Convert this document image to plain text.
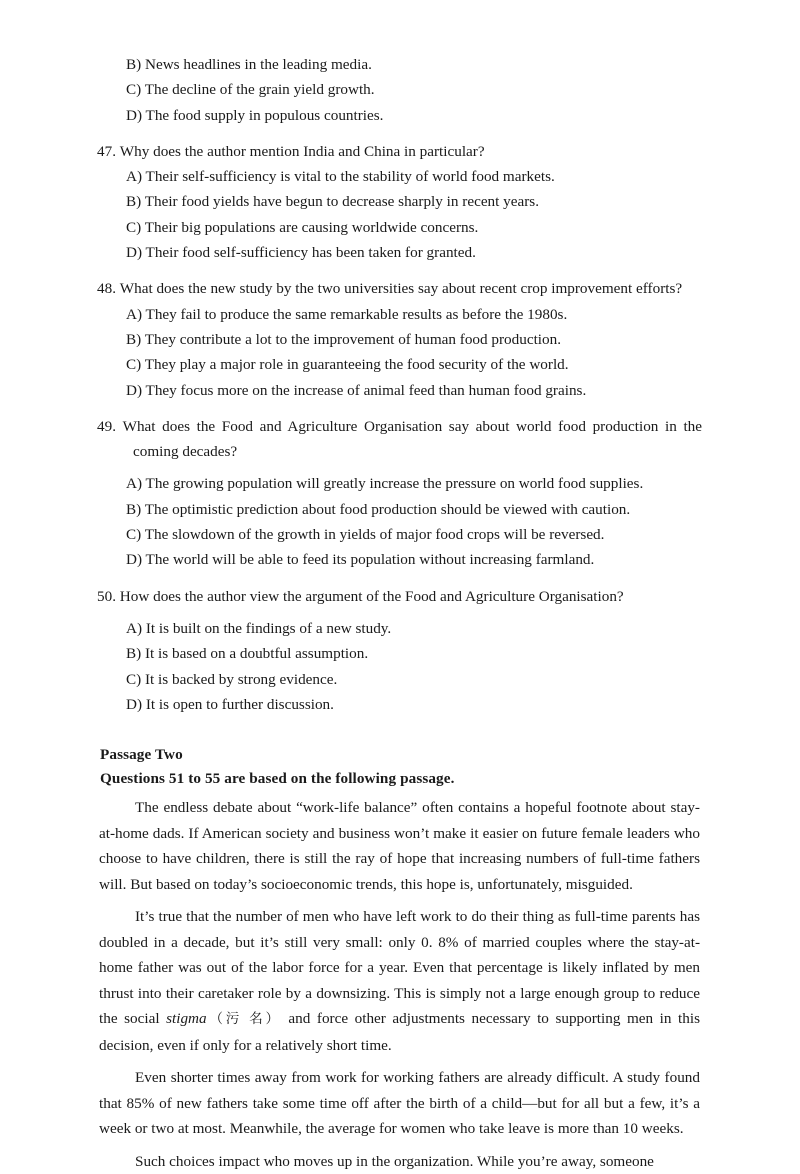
B) News headlines in the leading media.

C) The decline of the grain yield growth.

D) The food supply in populous countries.

47. Why does the author mention India and China in particular?

A) Their self-sufficiency is vital to the stability of world food markets.

B) Their food yields have begun to decrease sharply in recent years.

C) Their big populations are causing worldwide concerns.

D) Their food self-sufficiency has been taken for granted.

48. What does the new study by the two universities say about recent crop improvement efforts?

A) They fail to produce the same remarkable results as before the 1980s.

B) They contribute a lot to the improvement of human food production.

C) They play a major role in guaranteeing the food security of the world.

D) They focus more on the increase of animal feed than human food grains.

49. What does the Food and Agriculture Organisation say about world food production in the coming decades?

A) The growing population will greatly increase the pressure on world food supplies.

B) The optimistic prediction about food production should be viewed with caution.

C) The slowdown of the growth in yields of major food crops will be reversed.

D) The world will be able to feed its population without increasing farmland.

50. How does the author view the argument of the Food and Agriculture Organisation?

A) It is built on the findings of a new study.

B) It is based on a doubtful assumption.

C) It is backed by strong evidence.

D) It is open to further discussion.

Passage Two

Questions 51 to 55 are based on the following passage.

The endless debate about “work-life balance” often contains a hopeful footnote about stay-at-home dads. If American society and business won’t make it easier on future female leaders who choose to have children, there is still the ray of hope that increasing numbers of full-time fathers will. But based on today’s socioeconomic trends, this hope is, unfortunately, misguided.

It’s true that the number of men who have left work to do their thing as full-time parents has doubled in a decade, but it’s still very small: only 0. 8% of married couples where the stay-at-home father was out of the labor force for a year. Even that percentage is likely inflated by men thrust into their caretaker role by a downsizing. This is simply not a large enough group to reduce the social stigma（污 名） and force other adjustments necessary to supporting men in this decision, even if only for a relatively short time.

Even shorter times away from work for working fathers are already difficult. A study found that 85% of new fathers take some time off after the birth of a child—but for all but a few, it’s a week or two at most. Meanwhile, the average for women who take leave is more than 10 weeks.

Such choices impact who moves up in the organization. While you’re away, someone
